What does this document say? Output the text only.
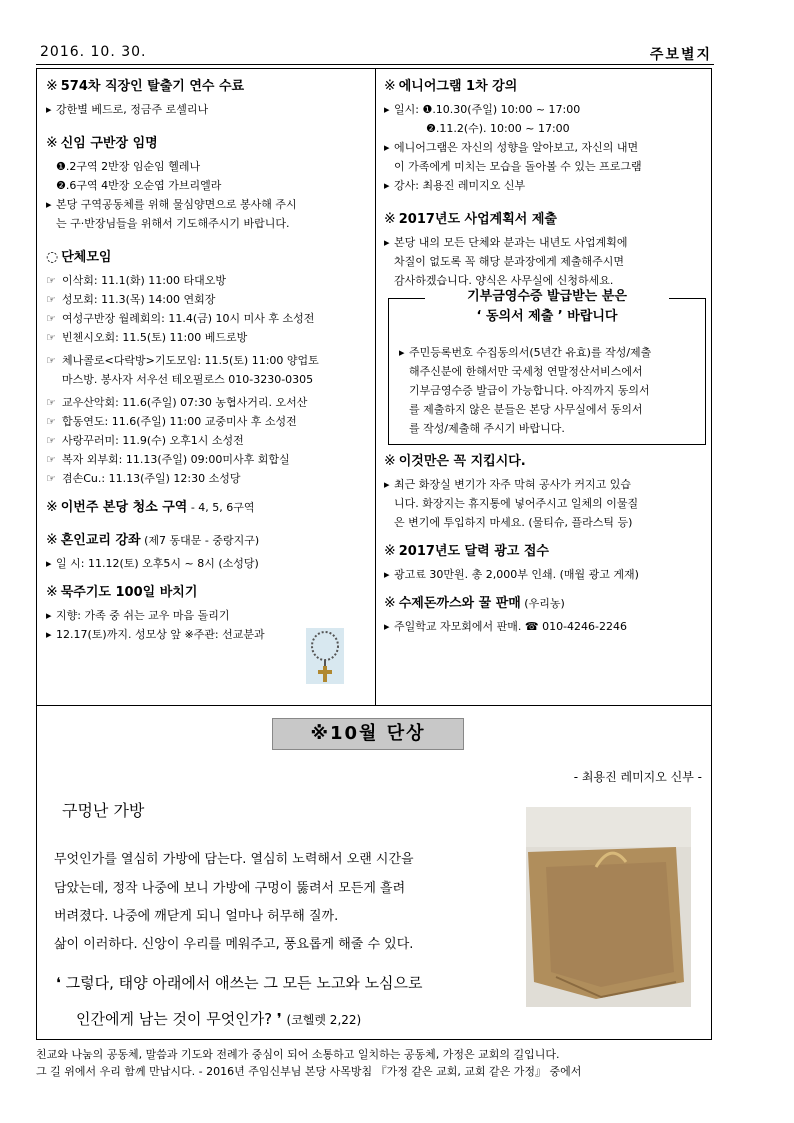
2016. 10. 30.	주보별지
※ 574차 직장인 탈출기 연수 수료

▸ 강한별 베드로, 정금주 로셀리나

※ 신임 구반장 임명

❶.2구역 2반장 임순임 헬레나

❷.6구역 4반장 오순엽 가브리엘라

▸ 본당 구역공동체를 위해 물심양면으로 봉사해 주시

는 구·반장님들을 위해서 기도해주시기 바랍니다.

◌ 단체모임

☞ 이삭회: 11.1(화) 11:00 타대오방

☞ 성모회: 11.3(목) 14:00 연회장

☞ 여성구반장 월례회의: 11.4(금) 10시 미사 후 소성전

☞ 빈첸시오회: 11.5(토) 11:00 베드로방

☞ 체나콜로<다락방>기도모임: 11.5(토) 11:00 양업토

마스방. 봉사자 서우선 테오필로스 010-3230-0305

☞ 교우산악회: 11.6(주일) 07:30 농협사거리. 오서산

☞ 합동연도: 11.6(주일) 11:00 교중미사 후 소성전

☞ 사랑꾸러미: 11.9(수) 오후1시 소성전

☞ 복자 외부회: 11.13(주일) 09:00미사후 회합실

☞ 겸손Cu.: 11.13(주일) 12:30 소성당

※ 이번주 본당 청소 구역 - 4, 5, 6구역
※ 혼인교리 강좌 (제7 동대문 - 중랑지구)

▸ 일 시: 11.12(토) 오후5시 ~ 8시 (소성당)

※ 묵주기도 100일 바치기

▸ 지향: 가족 중 쉬는 교우 마음 돌리기

▸ 12.17(토)까지. 성모상 앞 ※주관: 선교분과

※ 에니어그램 1차 강의

▸ 일시: ❶.10.30(주일) 10:00 ~ 17:00

❷.11.2(수). 10:00 ~ 17:00

▸ 에니어그램은 자신의 성향을 알아보고, 자신의 내면

이 가족에게 미치는 모습을 돌아볼 수 있는 프로그램

▸ 강사: 최용진 레미지오 신부

※ 2017년도 사업계획서 제출

▸ 본당 내의 모든 단체와 분과는 내년도 사업계획에

차질이 없도록 꼭 해당 분과장에게 제출해주시면

감사하겠습니다. 양식은 사무실에 신청하세요.

기부금영수증 발급받는 분은
‘ 동의서 제출 ’ 바랍니다

▸ 주민등록번호 수집동의서(5년간 유효)를 작성/제출

해주신분에 한해서만 국세청 연말정산서비스에서

기부금영수증 발급이 가능합니다. 아직까지 동의서

를 제출하지 않은 분들은 본당 사무실에서 동의서

를 작성/제출해 주시기 바랍니다.

※ 이것만은 꼭 지킵시다.

▸ 최근 화장실 변기가 자주 막혀 공사가 커지고 있습

니다. 화장지는 휴지통에 넣어주시고 일체의 이물질

은 변기에 투입하지 마세요. (물티슈, 플라스틱 등)

※ 2017년도 달력 광고 접수

▸ 광고료 30만원. 총 2,000부 인쇄. (매월 광고 게재)

※ 수제돈까스와 꿀 판매 (우리농)

▸ 주일학교 자모회에서 판매. ☎ 010-4246-2246

※10월 단상
- 최용진 레미지오 신부 -
구멍난 가방

무엇인가를 열심히 가방에 담는다. 열심히 노력해서 오랜 시간을

담았는데, 정작 나중에 보니 가방에 구멍이 뚫려서 모든게 흘려

버려졌다. 나중에 깨닫게 되니 얼마나 허무해 질까.

삶이 이러하다. 신앙이 우리를 메워주고, 풍요롭게 해줄 수 있다.

❛ 그렇다, 태양 아래에서 애쓰는 그 모든 노고와 노심으로

인간에게 남는 것이 무엇인가? ❜ (코헬렛 2,22)

친교와 나눔의 공동체, 말씀과 기도와 전례가 중심이 되어 소통하고 일치하는 공동체, 가정은 교회의 길입니다.

그 길 위에서 우리 함께 만납시다. - 2016년 주임신부님 본당 사목방침 『가정 같은 교회, 교회 같은 가정』 중에서
